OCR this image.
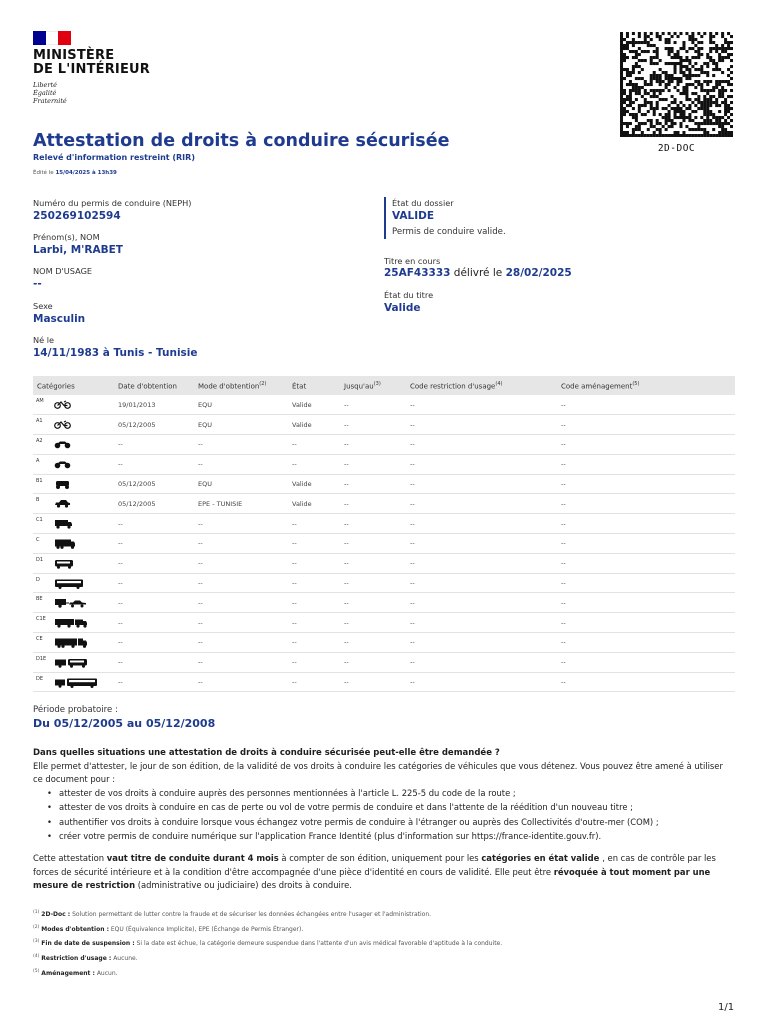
MINISTÈRE
DE L'INTÉRIEUR
Liberté
Égalité
Fraternité
2D-DOC
Attestation de droits à conduire sécurisée
Relevé d'information restreint (RIR)
Édité le 15/04/2025 à 13h39
Numéro du permis de conduire (NEPH)
250269102594
Prénom(s), NOM
Larbi, M'RABET
NOM D'USAGE
--
Sexe
Masculin
Né le
14/11/1983 à Tunis - Tunisie
État du dossier
VALIDE
Permis de conduire valide.
Titre en cours
25AF43333 délivré le 28/02/2025
État du titre
Valide
Catégories	Date d'obtention	Mode d'obtention$^{(2)}$	État	$Jusqu'au^{(3)}$	Code restriction d'usage$^{(4)}$	Code aménagement$^{(5)}$

AM	19/01/2013	EQU	Valide	--	--	--

A1	05/12/2005	EQU	Valide	--	--	--

A2	--	--	--	--	--	--

A	--	--	--	--	--	--

B1	05/12/2005	EQU	Valide	--	--	--

B	05/12/2005	EPE - TUNISIE	Valide	--	--	--

C1	--	--	--	--	--	--

C	--	--	--	--	--	--

D1	--	--	--	--	--	--

D	--	--	--	--	--	--

BE	--	--	--	--	--	--

C1E	--	--	--	--	--	--

CE	--	--	--	--	--	--

D1E	--	--	--	--	--	--

DE	--	--	--	--	--	--
Période probatoire :
Du 05/12/2005 au 05/12/2008
Dans quelles situations une attestation de droits à conduire sécurisée peut-elle être demandée ?
Elle permet d'attester, le jour de son édition, de la validité de vos droits à conduire les catégories de véhicules que vous détenez. Vous pouvez être amené à utiliser ce document pour :
• attester de vos droits à conduire auprès des personnes mentionnées à l'article L. 225-5 du code de la route ;
• attester de vos droits à conduire en cas de perte ou vol de votre permis de conduire et dans l'attente de la réédition d'un nouveau titre ;
• authentifier vos droits à conduire lorsque vous échangez votre permis de conduire à l'étranger ou auprès des Collectivités d'outre-mer (COM) ;
• créer votre permis de conduire numérique sur l'application France Identité (plus d'information sur https://france-identite.gouv.fr).
Cette attestation vaut titre de conduite durant 4 mois à compter de son édition, uniquement pour les catégories en état valide , en cas de contrôle par les forces de sécurité intérieure et à la condition d'être accompagnée d'une pièce d'identité en cours de validité. Elle peut être révoquée à tout moment par une mesure de restriction (administrative ou judiciaire) des droits à conduire.
$^{(1)}$ 2D-Doc : Solution permettant de lutter contre la fraude et de sécuriser les données échangées entre l'usager et l'administration.
$^{(2)}$ Modes d'obtention : EQU (Équivalence Implicite), EPE (Échange de Permis Étranger).
$^{(3)}$ Fin de date de suspension : Si la date est échue, la catégorie demeure suspendue dans l'attente d'un avis médical favorable d'aptitude à la conduite.
$^{(4)}$ Restriction d'usage : Aucune.
$^{(5)}$ Aménagement : Aucun.
1/1
